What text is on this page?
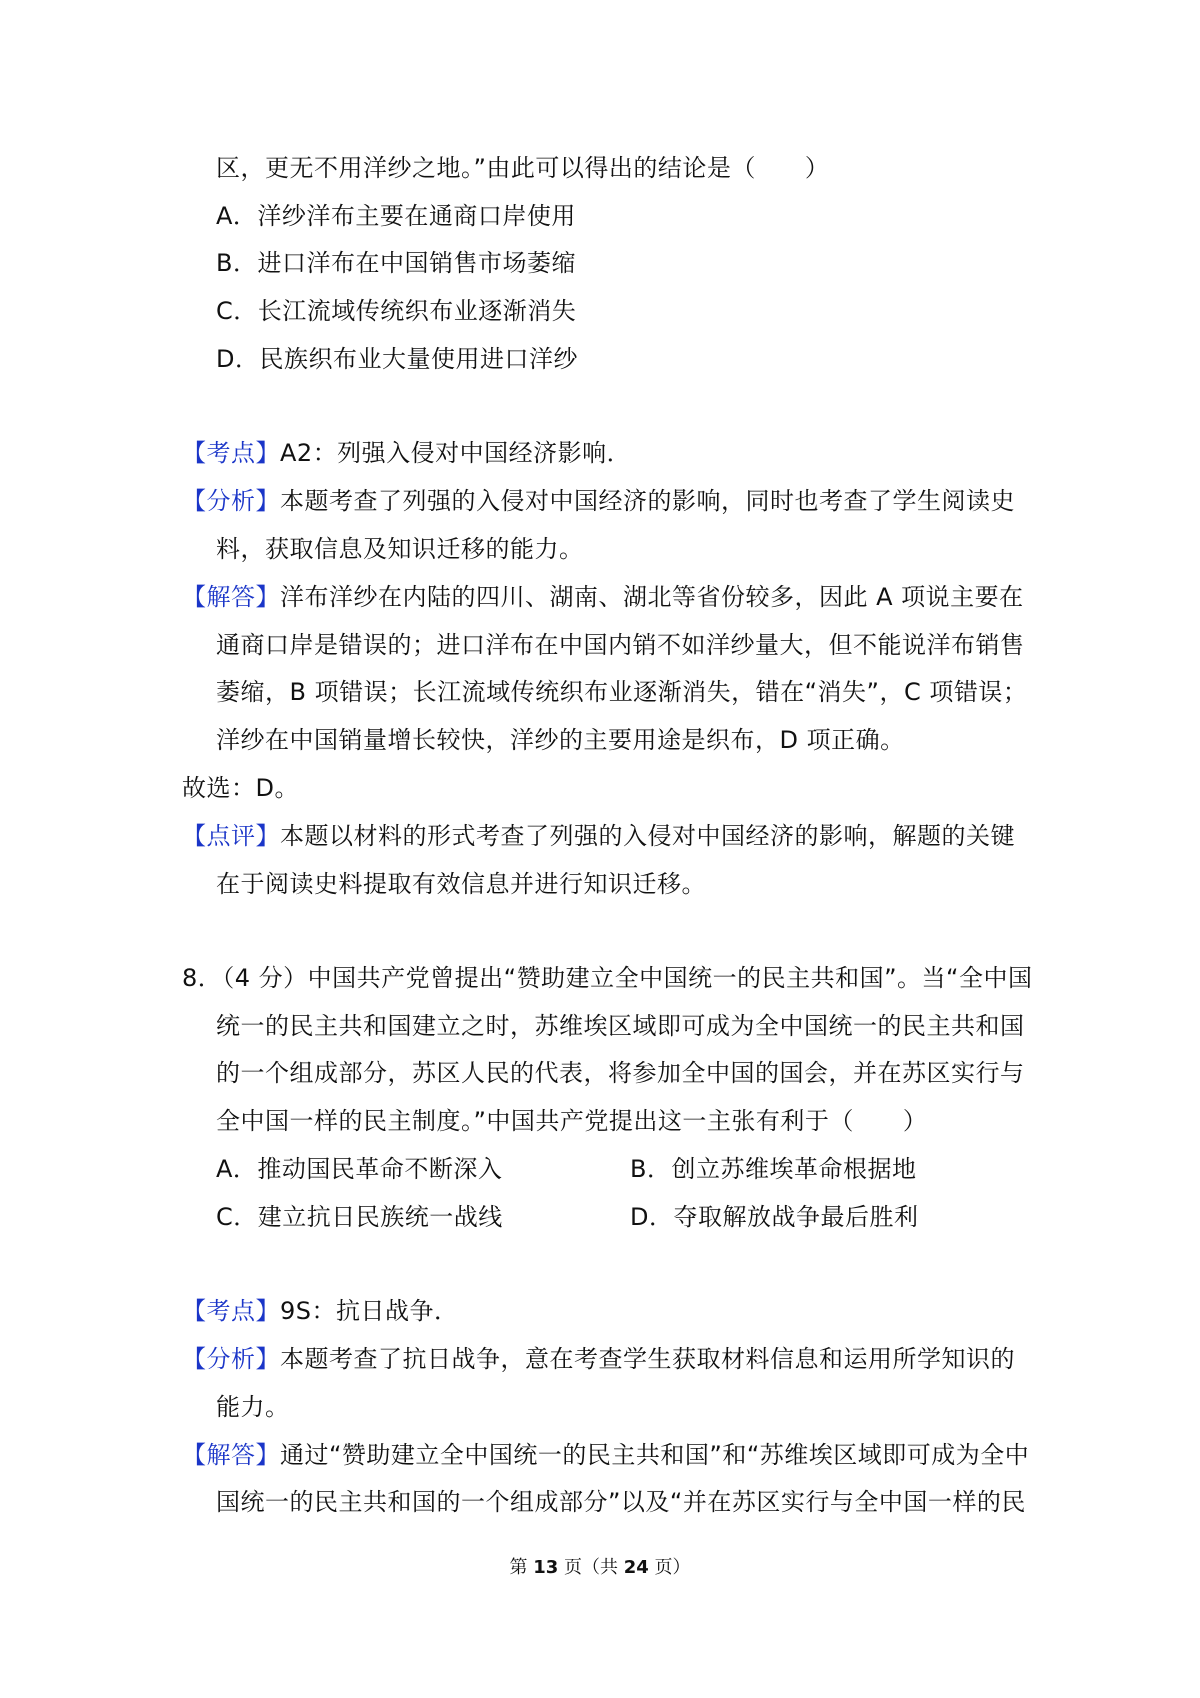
区，更无不用洋纱之地。”由此可以得出的结论是（　　）
A．洋纱洋布主要在通商口岸使用
B．进口洋布在中国销售市场萎缩
C．长江流域传统织布业逐渐消失
D．民族织布业大量使用进口洋纱
【考点】A2：列强入侵对中国经济影响．
【分析】本题考查了列强的入侵对中国经济的影响，同时也考查了学生阅读史
料，获取信息及知识迁移的能力。
【解答】洋布洋纱在内陆的四川、湖南、湖北等省份较多，因此 A 项说主要在
通商口岸是错误的；进口洋布在中国内销不如洋纱量大，但不能说洋布销售
萎缩，B 项错误；长江流域传统织布业逐渐消失，错在“消失”，C 项错误；
洋纱在中国销量增长较快，洋纱的主要用途是织布，D 项正确。
故选：D。
【点评】本题以材料的形式考查了列强的入侵对中国经济的影响，解题的关键
在于阅读史料提取有效信息并进行知识迁移。
8．（4 分）中国共产党曾提出“赞助建立全中国统一的民主共和国”。当“全中国
统一的民主共和国建立之时，苏维埃区域即可成为全中国统一的民主共和国
的一个组成部分，苏区人民的代表，将参加全中国的国会，并在苏区实行与
全中国一样的民主制度。”中国共产党提出这一主张有利于（　　）
A．推动国民革命不断深入	B．创立苏维埃革命根据地
C．建立抗日民族统一战线	D．夺取解放战争最后胜利
【考点】9S：抗日战争．
【分析】本题考查了抗日战争，意在考查学生获取材料信息和运用所学知识的
能力。
【解答】通过“赞助建立全中国统一的民主共和国”和“苏维埃区域即可成为全中
国统一的民主共和国的一个组成部分”以及“并在苏区实行与全中国一样的民
第 13 页（共 24 页）
